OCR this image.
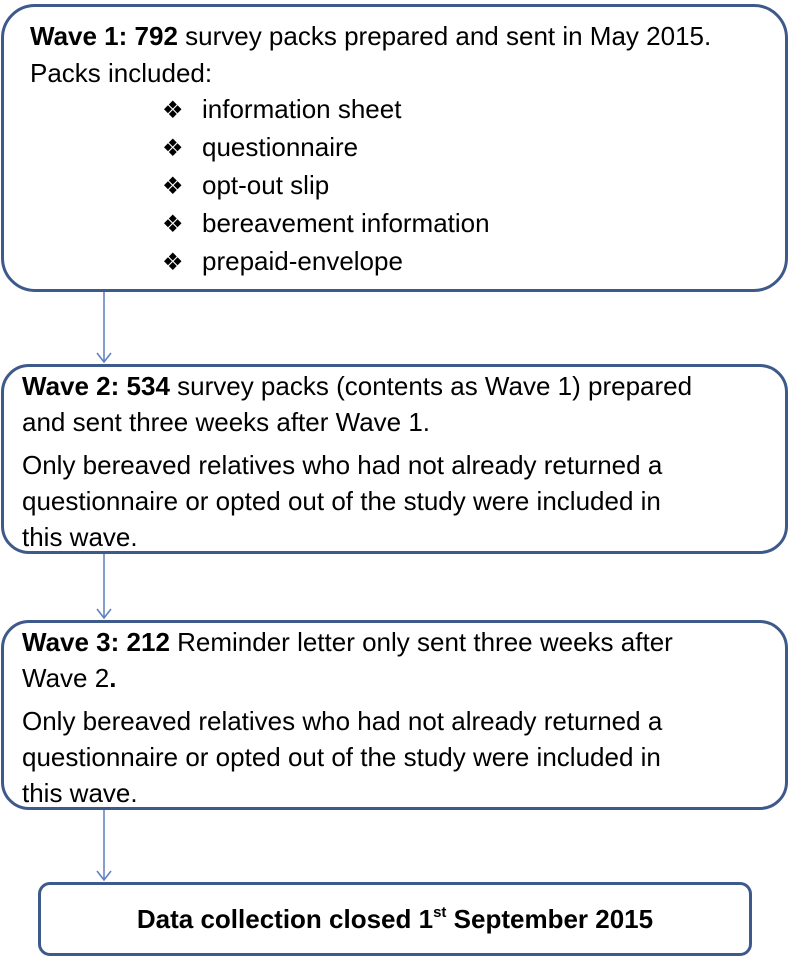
Wave 1: 792 survey packs prepared and sent in May 2015.
Packs included:
❖ information sheet
❖ questionnaire
❖ opt-out slip
❖ bereavement information
❖ prepaid-envelope
Wave 2: 534 survey packs (contents as Wave 1) prepared
and sent three weeks after Wave 1.
Only bereaved relatives who had not already returned a
questionnaire or opted out of the study were included in
this wave.
Wave 3: 212 Reminder letter only sent three weeks after
Wave 2.
Only bereaved relatives who had not already returned a
questionnaire or opted out of the study were included in
this wave.
Data collection closed 1st September 2015
